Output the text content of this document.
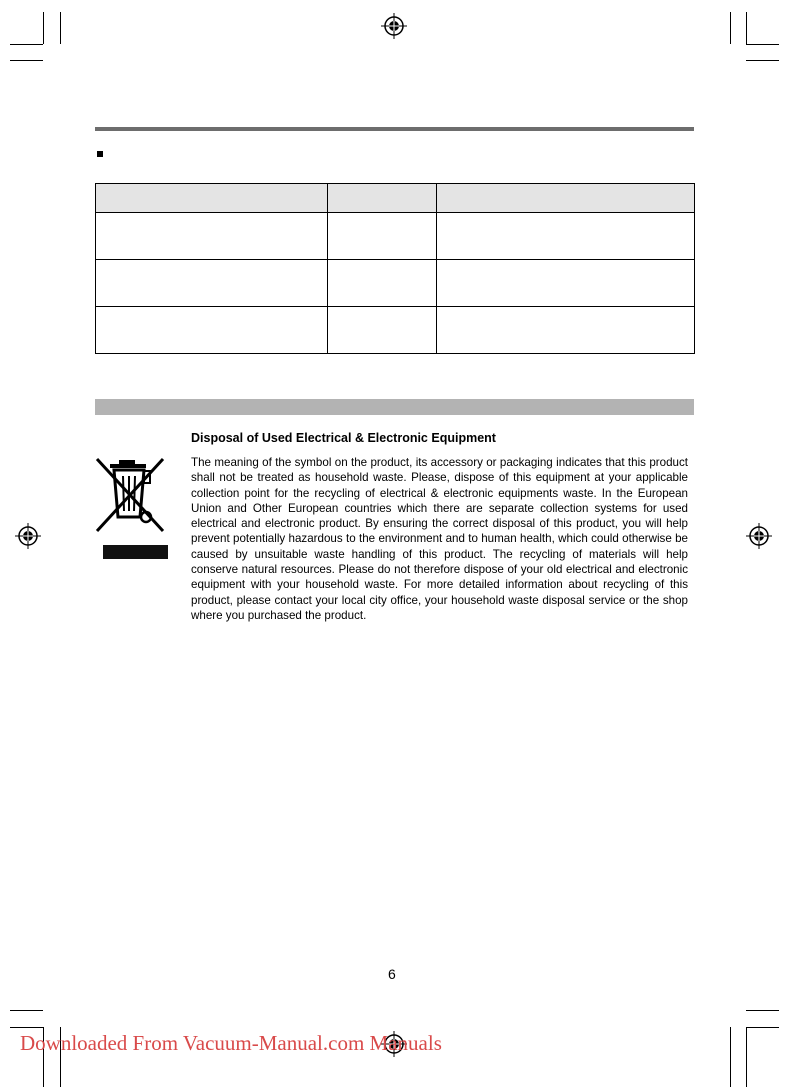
Disposal of Used Electrical & Electronic Equipment
The meaning of the symbol on the product, its accessory or packaging indicates that this product shall not be treated as household waste. Please, dispose of this equipment at your applicable collection point for the recycling of electrical & electronic equipments waste. In the European Union and Other European countries which there are separate collection systems for used electrical and electronic product. By ensuring the correct disposal of this product, you will help prevent potentially hazardous to the environment and to human health, which could otherwise be caused by unsuitable waste handling of this product. The recycling of materials will help conserve natural resources. Please do not therefore dispose of your old electrical and electronic equipment with your household waste. For more detailed information about recycling of this product, please contact your local city office, your household waste disposal service or the shop where you purchased the product.
6
Downloaded From Vacuum-Manual.com Manuals
